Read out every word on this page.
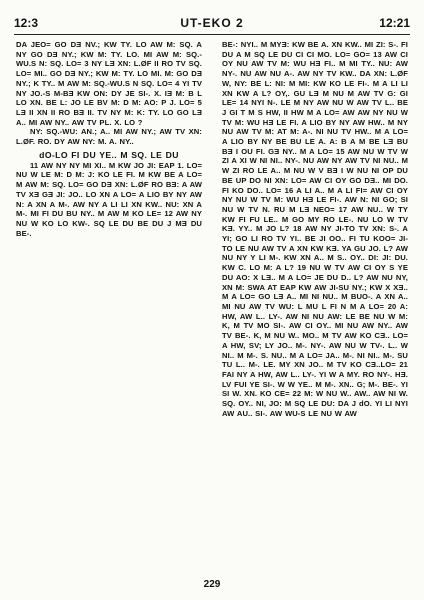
12:3	UT-EKO 2	12:21

DA JEO= GO DƎ NV.; KW TY. LO AW M: SQ. A NY GO DƎ NY.; KW M: TY. LO. MI AW M: SQ.-WU.S N: SQ. LO= 3 NY LƎ XN: L.ØF II RO TV SQ. LO= MI.. GO DƎ NY.; KW M: TY. LO MI. M: GO DƎ NY.; K TY.. M AW M: SQ.-WU.S N SQ. LO= 4 YI TV NY JO.-S M-BƎ KW ON: DY JE SI-. X. IƎ M: B L LO XN. BE L: JO LE BV M: D M: AO: P J. LO= 5 LƎ II XN II RO BƎ II. TV NY M: K: TY. LO GO LƎ A.. MI AW NY.. AW TV PL. X. LO ?

NY: SQ.-WU: AN.; A.. MI AW NY.; AW TV XN: L.ØF. RO. DY AW NY: M. A. NY..

dO-LO FI DU YE.. M SQ. LE DU

11 AW NY NY MI XI.. M KW JO JI: EAP 1. LO= NU W LE M: D M: J: KO LE FI. M KW BE A LO= M AW M: SQ. LO= GO DƎ XN: L.ØF RO BƎ: A AW TV XƎ GƎ JI: JO.. LO XN A LO= A LIO BY NY AW N: A XN A M-. AW NY A LI LI XN KW.. NU: XN A M-. MI FI DU BU NY.. M AW M KO LE= 12 AW NY NU W KO LO KW-. SQ LE DU BE DU J MƎ DU BE-.

BE-: NYI.. M MYƎ: KW BE A. XN KW.. MI ZI: S-. FI DU A M SQ LE DU CI CI MO. LO= GO= 13 AW CI OY NU AW TV M: WU HƎ FI.. M MI TY.. NU: AW NY-. NU AW NU A-. AW NY TV KW.. DA XN: L.ØF W, NY: BE L: NI: M MI: KW KO LE FI-. M A LI LI XN KW A L? OY,. GU LƎ M NU M AW TV G: GI LE= 14 NYI N-. LE M NY AW NU W AW TV L.. BE J GI T M S HW, II HW M A LO= AW AW NY NU W TV M: WU HƎ LE FI. A LIO BY NY AW HW.. M NY NU AW TV M: AT M: A-. NI NU TV HW.. M A LO= A LIO BY NY BE BU LE A. A: B A M BE LƎ BU BƎ I OU FI. GƎ NY.. M A LO= 15 AW NU W TV W ZI A XI W NI NI.. NY-. NU AW NY AW TV NI NU.. M W ZI RO LE A.. M NU W V BƎ I W NU NI OP DU BE UP DO NI XN: LO= AW CI OY GO DƎ.. MI DO. FI KO DO.. LO= 16 A LI A.. M A LI FI= AW CI OY NY NU W TV M: WU HƎ LE FI-. AW N: NI GO; SI NU W TV N. RU M LƎ NEO= 17 AW NU.. W TY KW FI FU LE.. M GO MY RO LE-. NU LO W TV KƎ. YY.. M JO L? 18 AW NY JI-TO TV XN: S-. A YI; GO LI RO TV YI.. BE JI OO.. FI TU KOO= JI-TO LE NU AW TV A XN KW KƎ. YA GU JO. L? AW NU NY Y LI M-. KW XN A.. M S.. OY.. DI: JI: DU. KW C. LO M: A L? 19 NU W TV AW CI OY S YE DU AO: X LƎ.. M A LO= JE DU D.. L? AW NU NY, XN M: SWA AT EAP KW AW JI-SU NY.; KW X XƎ.. M A LO= GO LƎ A.. MI NI NU.. M BUO-. A XN A.. MI NU AW TV WU: L MU L FI N M A LO= 20 A: HW, AW L.. LY-. AW NI NU AW: LE BE NU W M: K, M TV MO SI-. AW CI OY.. MI NU AW NY.. AW TV BE-. K, M NU W.. MO.. M TV AW KO CƎ.. LO= A HW, SV; LY JO.. M-. NY-. AW NU W TV-. L.. W NI.. M M-. S. NU.. M A LO= JA.. M-. NI NI.. M-. SU TU L.. M-. LE. MY XN JO.. M TV KO CƎ..LO= 21 FAI NY A HW, AW L.. LY-. YI W A MY. RO NY-. HƎ. LV FUI YE SI-. W W YE.. M M-. XN.. G; M-. BE-. YI SI W. XN. KO CE= 22 M: W NU W.. AW.. AW NI W. SQ. OY.. NI, JO: M SQ LE DU: DA J dO. YI LI NYI AW AU.. SI-. AW WU-S LE NU W AW

229
